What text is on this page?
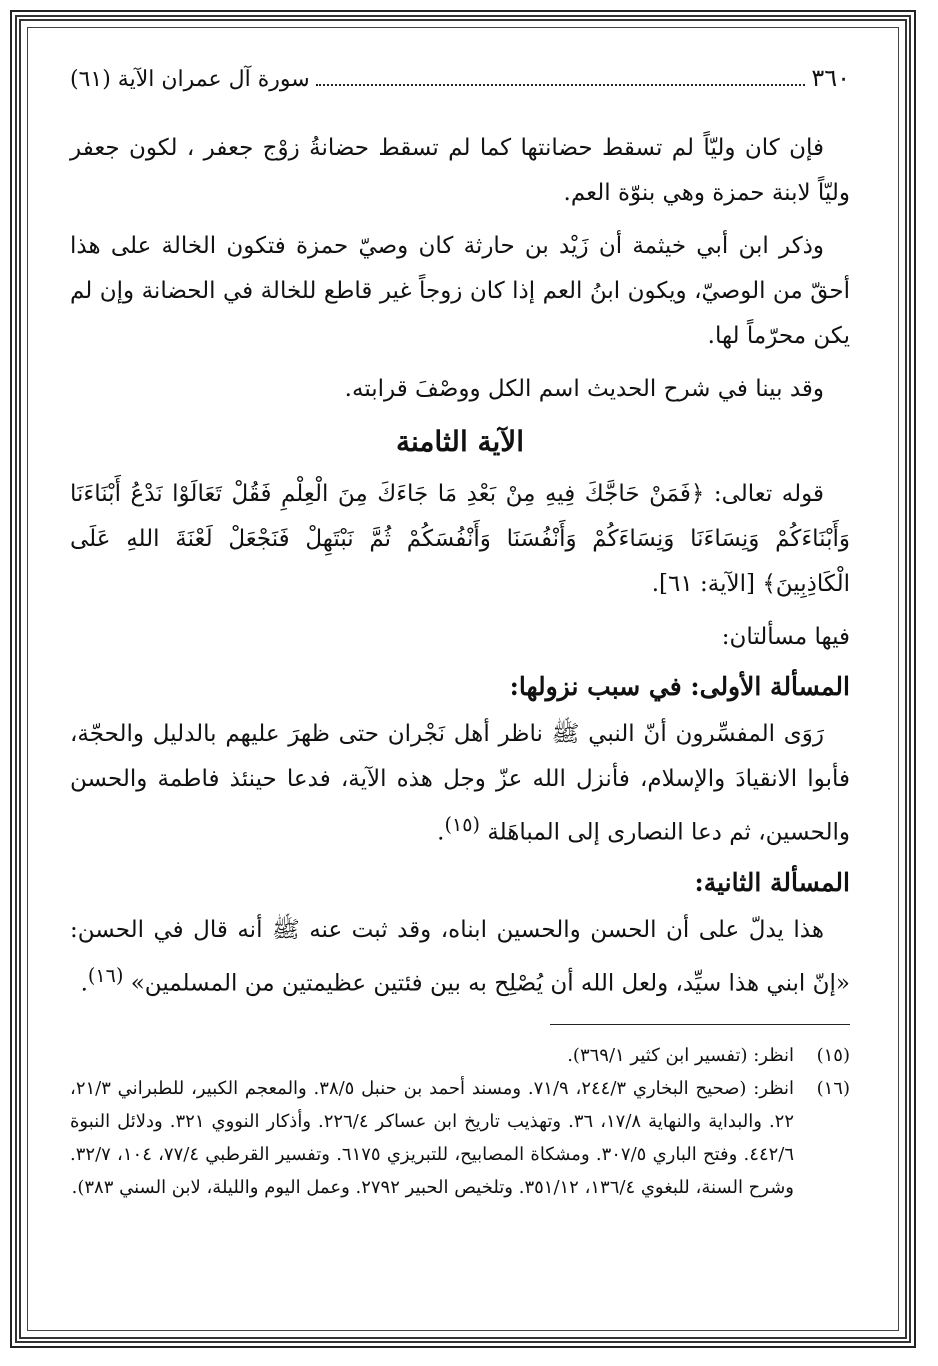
٣٦٠
سورة آل عمران الآية (٦١)

فإن كان وليّاً لم تسقط حضانتها كما لم تسقط حضانةُ زوْج جعفر ، لكون جعفر وليّاً لابنة حمزة وهي بنوّة العم.

وذكر ابن أبي خيثمة أن زَيْد بن حارثة كان وصيّ حمزة فتكون الخالة على هذا أحقّ من الوصيّ، ويكون ابنُ العم إذا كان زوجاً غير قاطع للخالة في الحضانة وإن لم يكن محرّماً لها.

وقد بينا في شرح الحديث اسم الكل ووصْفَ قرابته.

الآية الثامنة

قوله تعالى: ﴿فَمَنْ حَاجَّكَ فِيهِ مِنْ بَعْدِ مَا جَاءَكَ مِنَ الْعِلْمِ فَقُلْ تَعَالَوْا نَدْعُ أَبْنَاءَنَا وَأَبْنَاءَكُمْ وَنِسَاءَنَا وَنِسَاءَكُمْ وَأَنْفُسَنَا وَأَنْفُسَكُمْ ثُمَّ نَبْتَهِلْ فَنَجْعَلْ لَعْنَةَ اللهِ عَلَى الْكَاذِبِينَ﴾ [الآية: ٦١].

فيها مسألتان:

المسألة الأولى: في سبب نزولها:

رَوَى المفسِّرون أنّ النبي ﷺ ناظر أهل نَجْران حتى ظهرَ عليهم بالدليل والحجّة، فأبوا الانقيادَ والإسلام، فأنزل الله عزّ وجل هذه الآية، فدعا حينئذ فاطمة والحسن والحسين، ثم دعا النصارى إلى المباهَلة $^{(١٥)}$.

المسألة الثانية:

هذا يدلّ على أن الحسن والحسين ابناه، وقد ثبت عنه ﷺ أنه قال في الحسن: «إنّ ابني هذا سيِّد، ولعل الله أن يُصْلِح به بين فئتين عظيمتين من المسلمين» $^{(١٦)}$.

(١٥)
انظر: (تفسير ابن كثير ٣٦٩/١).
(١٦)
انظر: (صحيح البخاري ٢٤٤/٣، ٧١/٩. ومسند أحمد بن حنبل ٣٨/٥. والمعجم الكبير، للطبراني ٢١/٣، ٢٢. والبداية والنهاية ١٧/٨، ٣٦. وتهذيب تاريخ ابن عساكر ٢٢٦/٤. وأذكار النووي ٣٢١. ودلائل النبوة ٤٤٢/٦. وفتح الباري ٣٠٧/٥. ومشكاة المصابيح، للتبريزي ٦١٧٥. وتفسير القرطبي ٧٧/٤، ١٠٤، ٣٢/٧. وشرح السنة، للبغوي ١٣٦/٤، ٣٥١/١٢. وتلخيص الحبير ٢٧٩٢. وعمل اليوم والليلة، لابن السني ٣٨٣).
